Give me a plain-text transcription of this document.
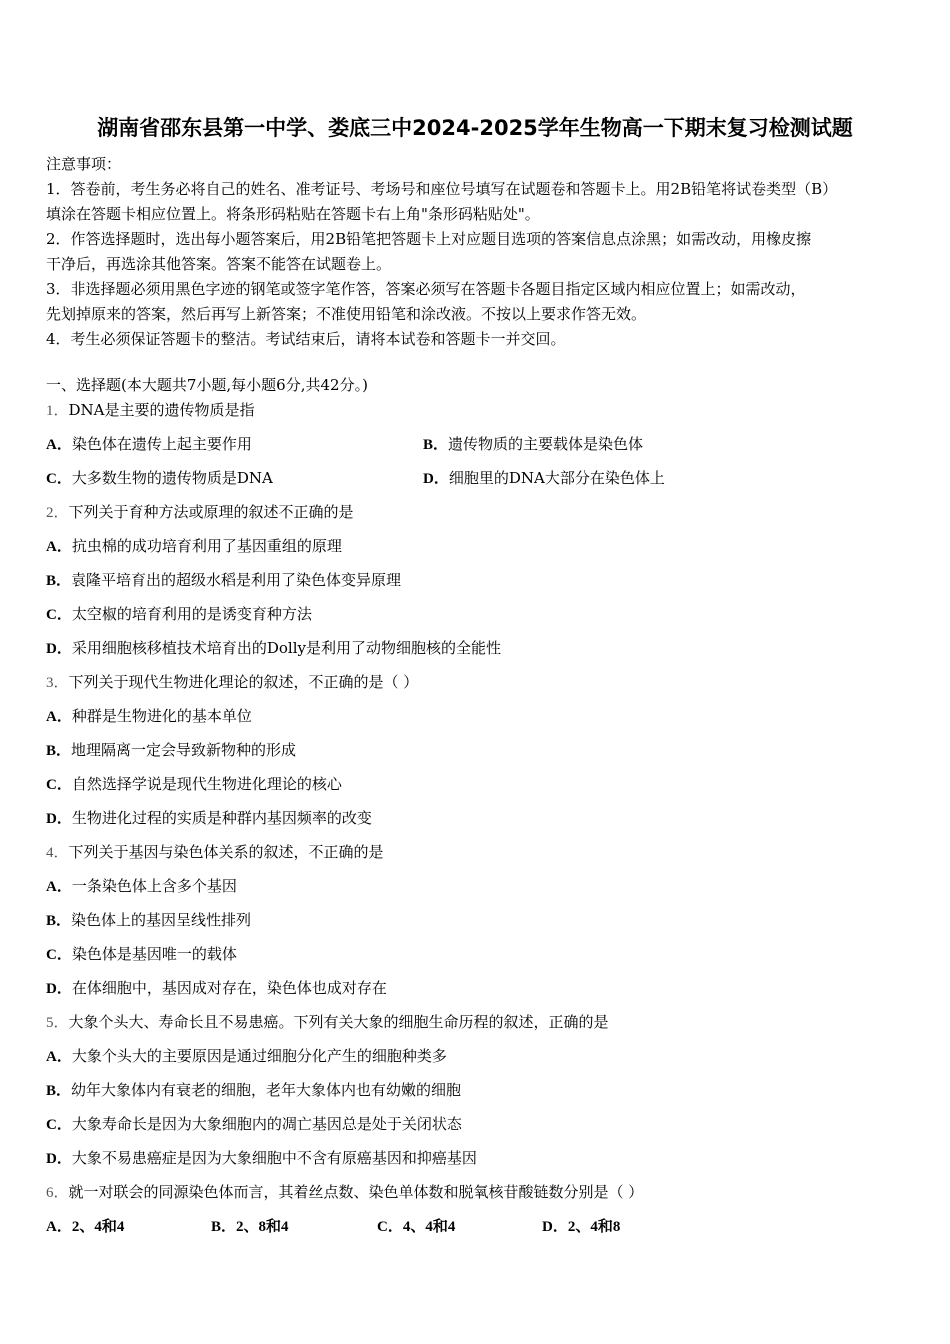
湖南省邵东县第一中学、娄底三中2024-2025学年生物高一下期末复习检测试题
注意事项：
1．答卷前，考生务必将自己的姓名、准考证号、考场号和座位号填写在试题卷和答题卡上。用2B铅笔将试卷类型（B）
填涂在答题卡相应位置上。将条形码粘贴在答题卡右上角"条形码粘贴处"。
2．作答选择题时，选出每小题答案后，用2B铅笔把答题卡上对应题目选项的答案信息点涂黑；如需改动，用橡皮擦
干净后，再选涂其他答案。答案不能答在试题卷上。
3．非选择题必须用黑色字迹的钢笔或签字笔作答，答案必须写在答题卡各题目指定区域内相应位置上；如需改动，
先划掉原来的答案，然后再写上新答案；不准使用铅笔和涂改液。不按以上要求作答无效。
4．考生必须保证答题卡的整洁。考试结束后，请将本试卷和答题卡一并交回。
一、选择题(本大题共7小题,每小题6分,共42分。)
1．DNA是主要的遗传物质是指
A．染色体在遗传上起主要作用	B．遗传物质的主要载体是染色体
C．大多数生物的遗传物质是DNA	D．细胞里的DNA大部分在染色体上
2．下列关于育种方法或原理的叙述不正确的是
A．抗虫棉的成功培育利用了基因重组的原理
B．袁隆平培育出的超级水稻是利用了染色体变异原理
C．太空椒的培育利用的是诱变育种方法
D．采用细胞核移植技术培育出的Dolly是利用了动物细胞核的全能性
3．下列关于现代生物进化理论的叙述，不正确的是（ ）
A．种群是生物进化的基本单位
B．地理隔离一定会导致新物种的形成
C．自然选择学说是现代生物进化理论的核心
D．生物进化过程的实质是种群内基因频率的改变
4．下列关于基因与染色体关系的叙述，不正确的是
A．一条染色体上含多个基因
B．染色体上的基因呈线性排列
C．染色体是基因唯一的载体
D．在体细胞中，基因成对存在，染色体也成对存在
5．大象个头大、寿命长且不易患癌。下列有关大象的细胞生命历程的叙述，正确的是
A．大象个头大的主要原因是通过细胞分化产生的细胞种类多
B．幼年大象体内有衰老的细胞，老年大象体内也有幼嫩的细胞
C．大象寿命长是因为大象细胞内的凋亡基因总是处于关闭状态
D．大象不易患癌症是因为大象细胞中不含有原癌基因和抑癌基因
6．就一对联会的同源染色体而言，其着丝点数、染色单体数和脱氧核苷酸链数分别是（ ）
A．2、4和4	B．2、8和4	C．4、4和4	D．2、4和8
